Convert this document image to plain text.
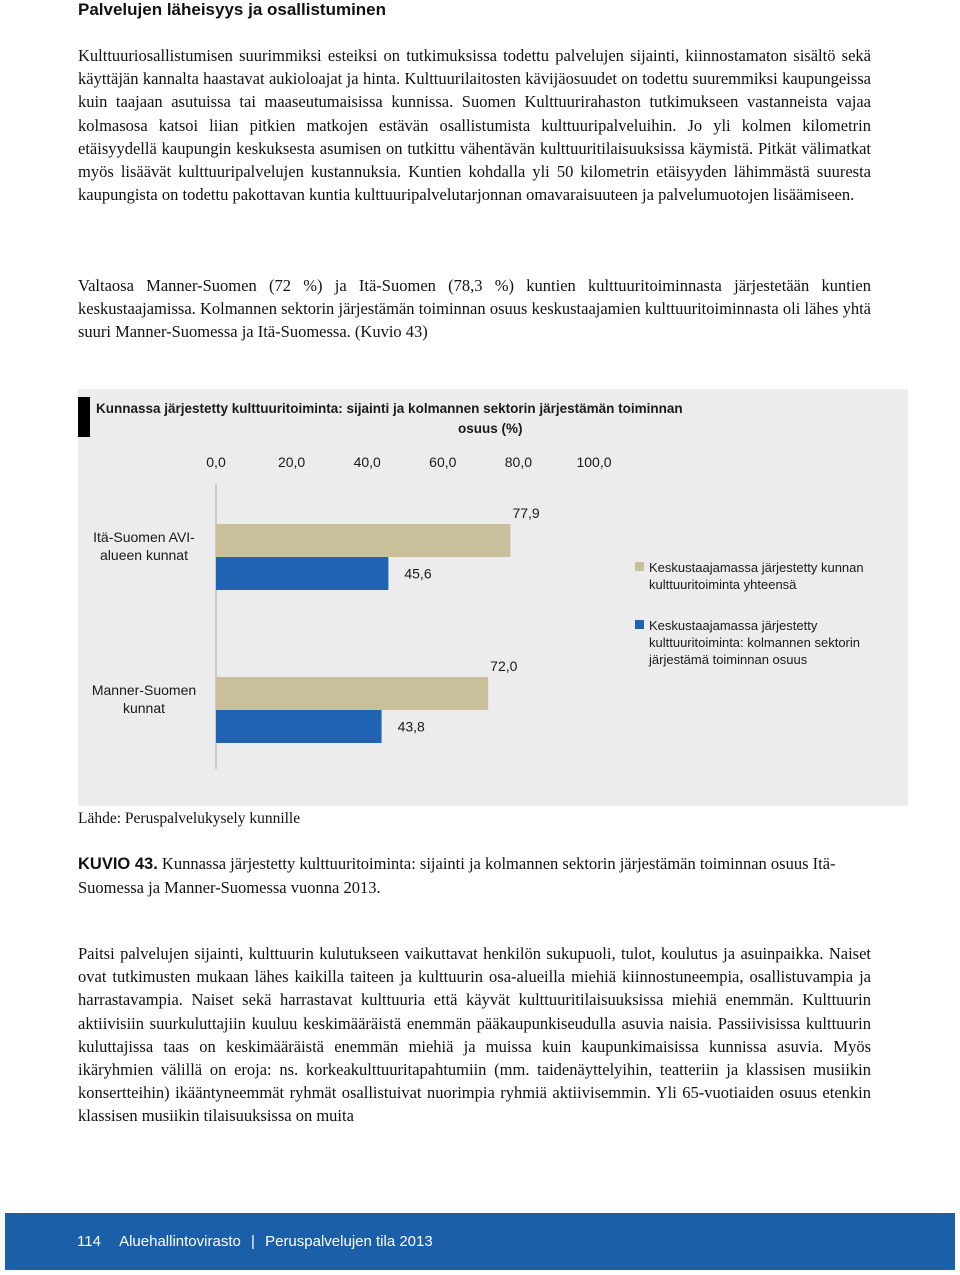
Palvelujen läheisyys ja osallistuminen

Kulttuuriosallistumisen suurimmiksi esteiksi on tutkimuksissa todettu palvelujen sijainti, kiinnostamaton sisältö sekä käyttäjän kannalta haastavat aukioloajat ja hinta. Kulttuurilaitosten kävijäosuudet on todettu suuremmiksi kaupungeissa kuin taajaan asutuissa tai maaseutumaisissa kunnissa. Suomen Kulttuurirahaston tutkimukseen vastanneista vajaa kolmasosa katsoi liian pitkien matkojen estävän osallistumista kulttuuripalveluihin. Jo yli kolmen kilometrin etäisyydellä kaupungin keskuksesta asumisen on tutkittu vähentävän kulttuuritilaisuuksissa käymistä. Pitkät välimatkat myös lisäävät kulttuuripalvelujen kustannuksia. Kuntien kohdalla yli 50 kilometrin etäisyyden lähimmästä suuresta kaupungista on todettu pakottavan kuntia kulttuuripalvelutarjonnan omavaraisuuteen ja palvelumuotojen lisäämiseen.

Valtaosa Manner-Suomen (72 %) ja Itä-Suomen (78,3 %) kuntien kulttuuritoiminnasta järjestetään kuntien keskustaajamissa. Kolmannen sektorin järjestämän toiminnan osuus keskustaajamien kulttuuritoiminnasta oli lähes yhtä suuri Manner-Suomessa ja Itä-Suomessa. (Kuvio 43)

Kunnassa järjestetty kulttuuritoiminta: sijainti ja kolmannen sektorin järjestämän toiminnan
osuus (%)
0,0	20,0	40,0	60,0	80,0	100,0
Itä-Suomen AVI-
alueen kunnat
77,9
45,6
Manner-Suomen
kunnat
72,0
43,8
Keskustaajamassa järjestetty kunnan
kulttuuritoiminta yhteensä
Keskustaajamassa järjestetty
kulttuuritoiminta: kolmannen sektorin
järjestämä toiminnan osuus

Lähde: Peruspalvelukysely kunnille

KUVIO 43. Kunnassa järjestetty kulttuuritoiminta: sijainti ja kolmannen sektorin järjestämän toiminnan osuus Itä-Suomessa ja Manner-Suomessa vuonna 2013.

Paitsi palvelujen sijainti, kulttuurin kulutukseen vaikuttavat henkilön sukupuoli, tulot, koulutus ja asuinpaikka. Naiset ovat tutkimusten mukaan lähes kaikilla taiteen ja kulttuurin osa-alueilla miehiä kiinnostuneempia, osallistuvampia ja harrastavampia. Naiset sekä harrastavat kulttuuria että käyvät kulttuuritilaisuuksissa miehiä enemmän. Kulttuurin aktiivisiin suurkuluttajiin kuuluu keskimääräistä enemmän pääkaupunkiseudulla asuvia naisia. Passiivisissa kulttuurin kuluttajissa taas on keskimääräistä enemmän miehiä ja muissa kuin kaupunkimaisissa kunnissa asuvia. Myös ikäryhmien välillä on eroja: ns. korkeakulttuuritapahtumiin (mm. taidenäyttelyihin, teatteriin ja klassisen musiikin konsertteihin) ikääntyneemmät ryhmät osallistuivat nuorimpia ryhmiä aktiivisemmin. Yli 65-vuotiaiden osuus etenkin klassisen musiikin tilaisuuksissa on muita

114 Aluehallintovirasto | Peruspalvelujen tila 2013
